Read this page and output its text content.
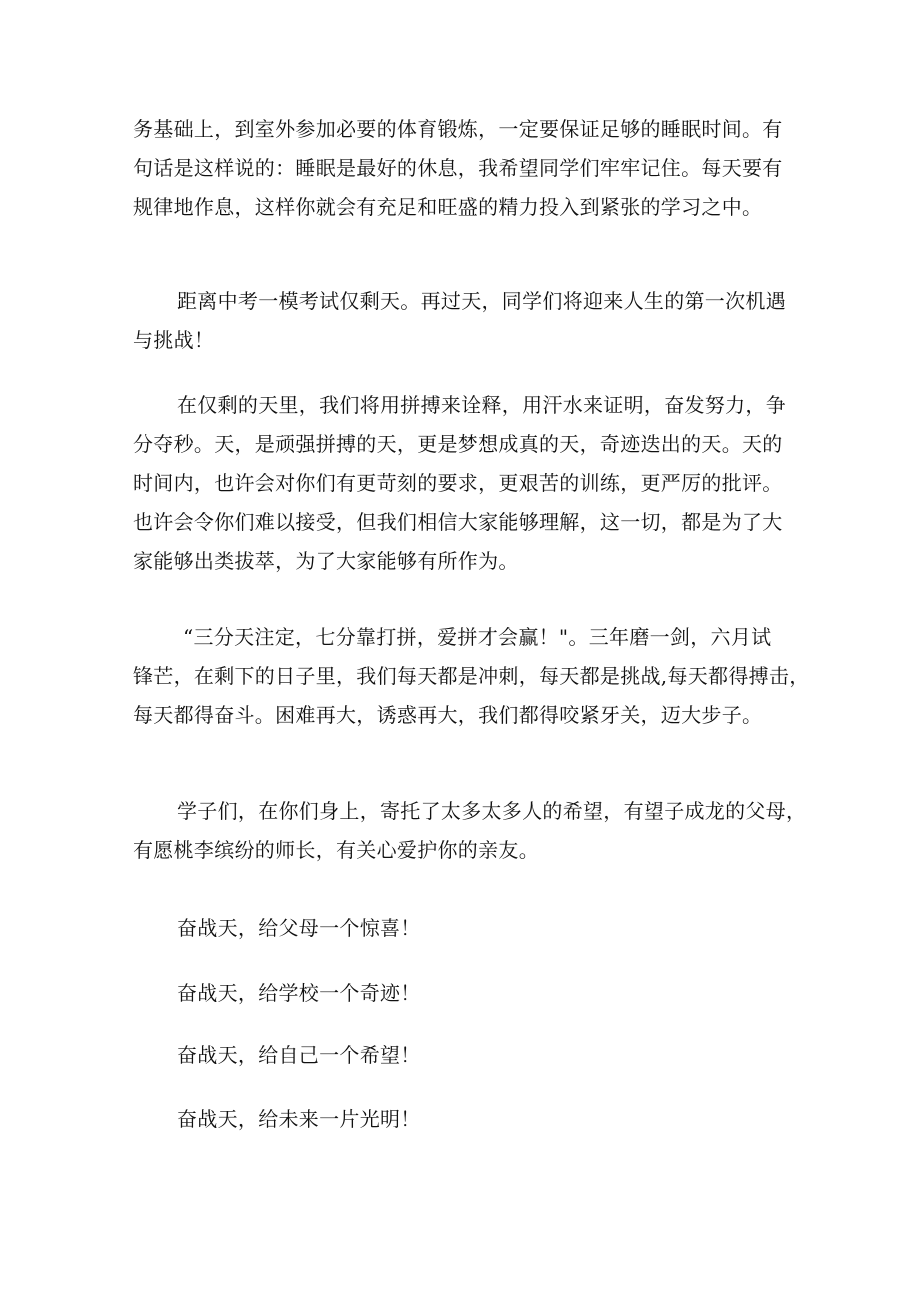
务基础上，到室外参加必要的体育锻炼，一定要保证足够的睡眠时间。有
句话是这样说的：睡眠是最好的休息，我希望同学们牢牢记住。每天要有
规律地作息，这样你就会有充足和旺盛的精力投入到紧张的学习之中。
距离中考一模考试仅剩天。再过天，同学们将迎来人生的第一次机遇
与挑战！
在仅剩的天里，我们将用拼搏来诠释，用汗水来证明，奋发努力，争
分夺秒。天，是顽强拼搏的天，更是梦想成真的天，奇迹迭出的天。天的
时间内，也许会对你们有更苛刻的要求，更艰苦的训练，更严厉的批评。
也许会令你们难以接受，但我们相信大家能够理解，这一切，都是为了大
家能够出类拔萃，为了大家能够有所作为。
“三分天注定，七分靠打拼，爱拼才会赢！"。三年磨一剑，六月试
锋芒，在剩下的日子里，我们每天都是冲刺，每天都是挑战,每天都得搏击，
每天都得奋斗。困难再大，诱惑再大，我们都得咬紧牙关，迈大步子。
学子们，在你们身上，寄托了太多太多人的希望，有望子成龙的父母，
有愿桃李缤纷的师长，有关心爱护你的亲友。
奋战天，给父母一个惊喜！
奋战天，给学校一个奇迹！
奋战天，给自己一个希望！
奋战天，给未来一片光明！
